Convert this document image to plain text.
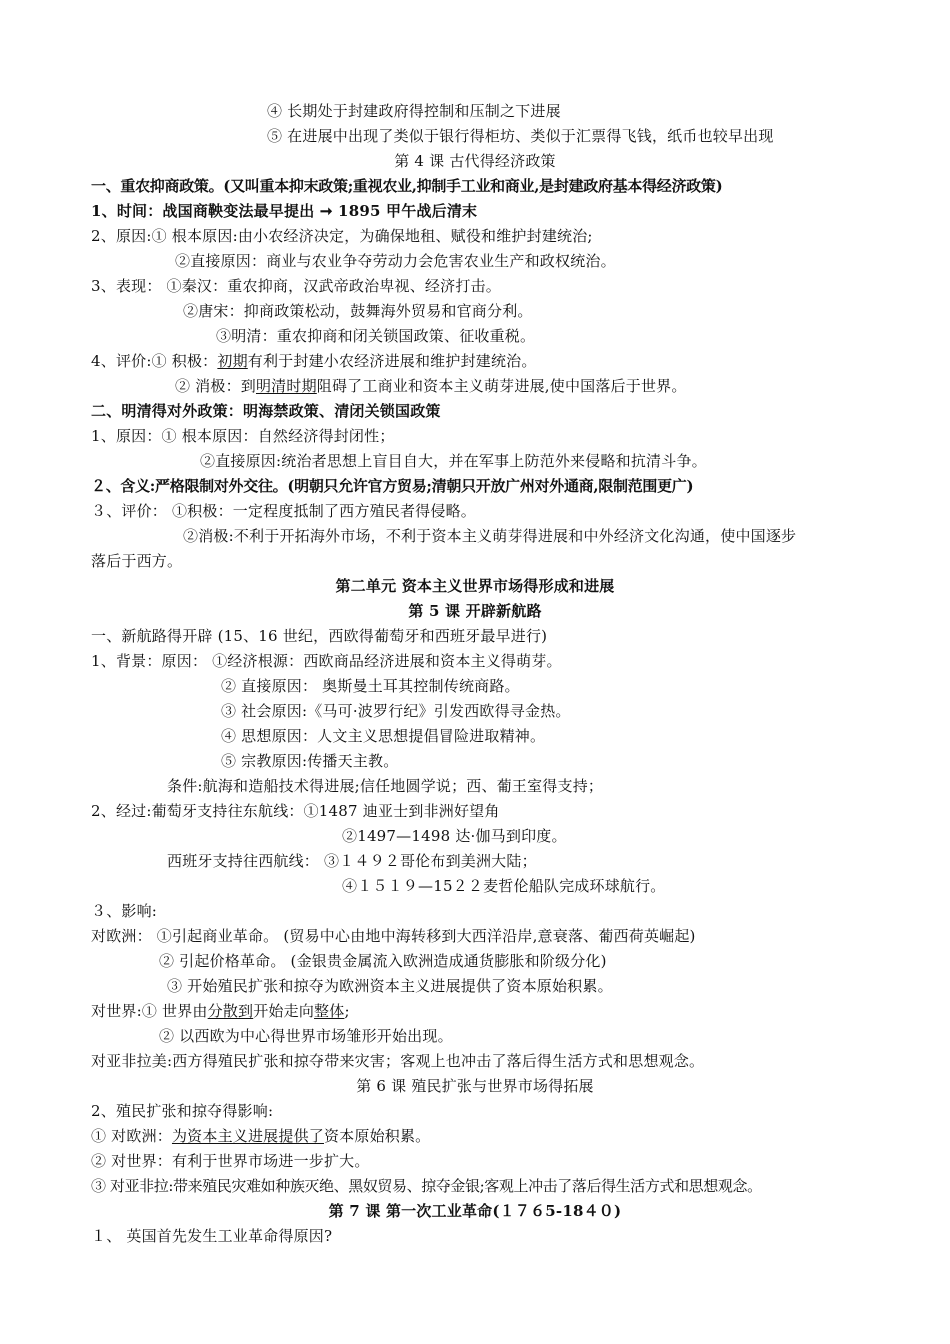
④ 长期处于封建政府得控制和压制之下进展
⑤ 在进展中出现了类似于银行得柜坊、类似于汇票得飞钱，纸币也较早出现
第 4 课 古代得经济政策
一、重农抑商政策。(又叫重本抑末政策;重视农业,抑制手工业和商业,是封建政府基本得经济政策)
1、时间：战国商鞅变法最早提出 ➞ 1895 甲午战后清末
2、原因:① 根本原因:由小农经济决定，为确保地租、赋役和维护封建统治;
②直接原因：商业与农业争夺劳动力会危害农业生产和政权统治。
3、表现： ①秦汉：重农抑商，汉武帝政治卑视、经济打击。
②唐宋：抑商政策松动，鼓舞海外贸易和官商分利。
③明清：重农抑商和闭关锁国政策、征收重税。
4、评价:① 积极：初期有利于封建小农经济进展和维护封建统治。
② 消极：到明清时期阻碍了工商业和资本主义萌芽进展,使中国落后于世界。
二、明清得对外政策：明海禁政策、清闭关锁国政策
1、原因：① 根本原因：自然经济得封闭性；
②直接原因:统治者思想上盲目自大，并在军事上防范外来侵略和抗清斗争。
２、含义:严格限制对外交往。(明朝只允许官方贸易;清朝只开放广州对外通商,限制范围更广)
３、评价： ①积极：一定程度抵制了西方殖民者得侵略。
②消极:不利于开拓海外市场，不利于资本主义萌芽得进展和中外经济文化沟通，使中国逐步
落后于西方。
第二单元 资本主义世界市场得形成和进展
第 5 课 开辟新航路
一、新航路得开辟 (15、16 世纪，西欧得葡萄牙和西班牙最早进行)
1、背景：原因： ①经济根源：西欧商品经济进展和资本主义得萌芽。
② 直接原因： 奥斯曼土耳其控制传统商路。
③ 社会原因:《马可·波罗行纪》引发西欧得寻金热。
④ 思想原因：人文主义思想提倡冒险进取精神。
⑤ 宗教原因:传播天主教。
条件:航海和造船技术得进展;信任地圆学说；西、葡王室得支持；
2、经过:葡萄牙支持往东航线：①1487 迪亚士到非洲好望角
②1497—1498 达·伽马到印度。
西班牙支持往西航线： ③１４９２哥伦布到美洲大陆；
④１５１９—15２２麦哲伦船队完成环球航行。
３、影响:
对欧洲： ①引起商业革命。 (贸易中心由地中海转移到大西洋沿岸,意衰落、葡西荷英崛起)
② 引起价格革命。 (金银贵金属流入欧洲造成通货膨胀和阶级分化)
③ 开始殖民扩张和掠夺为欧洲资本主义进展提供了资本原始积累。
对世界:① 世界由分散到开始走向整体;
② 以西欧为中心得世界市场雏形开始出现。
对亚非拉美:西方得殖民扩张和掠夺带来灾害；客观上也冲击了落后得生活方式和思想观念。
第 6 课 殖民扩张与世界市场得拓展
2、殖民扩张和掠夺得影响:
① 对欧洲：为资本主义进展提供了资本原始积累。
② 对世界：有利于世界市场进一步扩大。
③ 对亚非拉:带来殖民灾难如种族灭绝、黑奴贸易、掠夺金银;客观上冲击了落后得生活方式和思想观念。
第 7 课 第一次工业革命(１７６5-18４０)
１、 英国首先发生工业革命得原因?
